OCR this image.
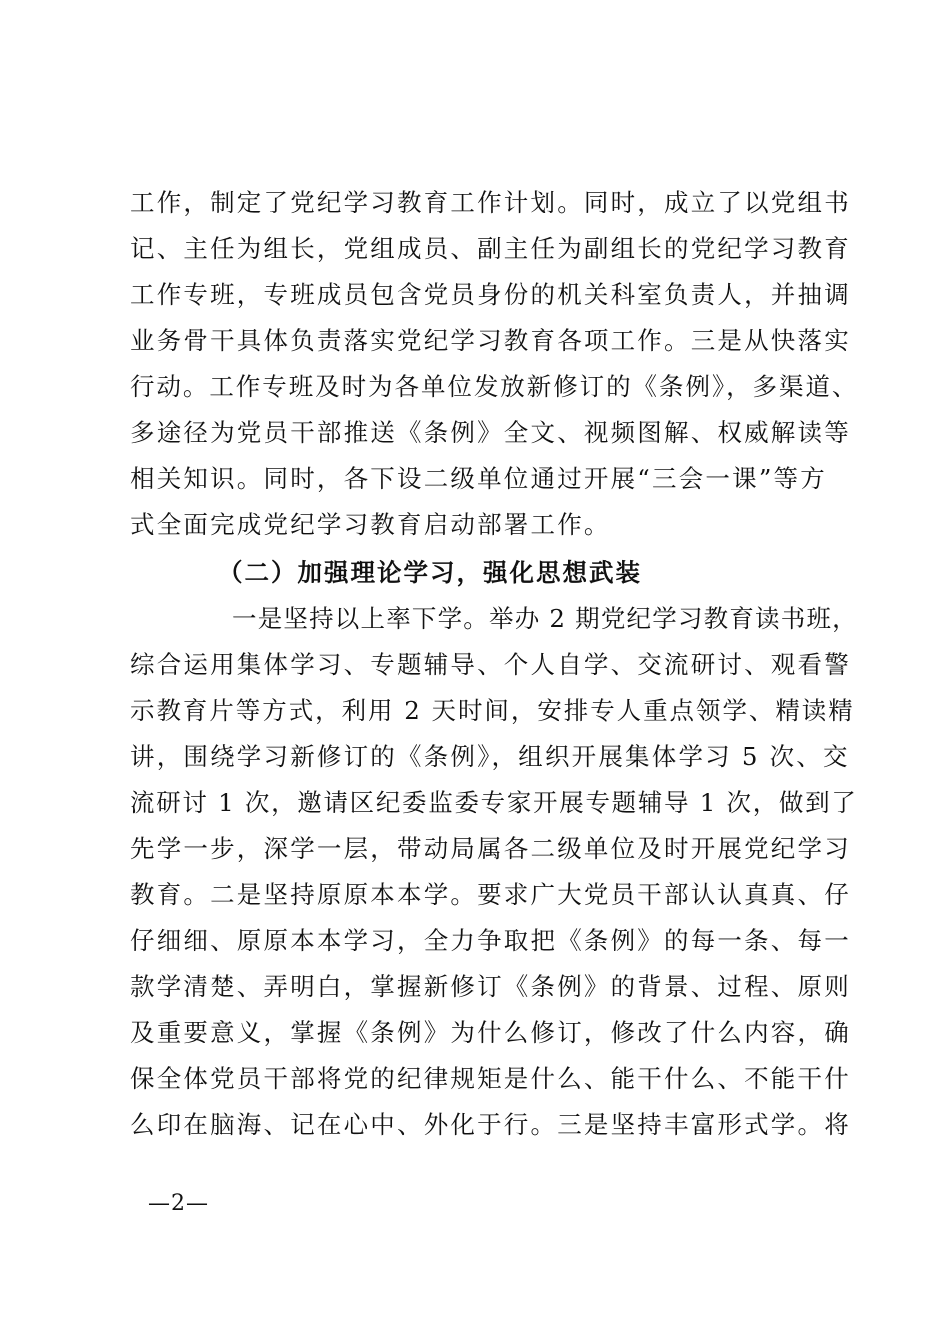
工作，制定了党纪学习教育工作计划。同时，成立了以党组书
记、主任为组长，党组成员、副主任为副组长的党纪学习教育
工作专班，专班成员包含党员身份的机关科室负责人，并抽调
业务骨干具体负责落实党纪学习教育各项工作。三是从快落实
行动。工作专班及时为各单位发放新修订的《条例》，多渠道、
多途径为党员干部推送《条例》全文、视频图解、权威解读等
相关知识。同时，各下设二级单位通过开展“三会一课”等方
式全面完成党纪学习教育启动部署工作。
（二）加强理论学习，强化思想武装
一是坚持以上率下学。举办 2 期党纪学习教育读书班，
综合运用集体学习、专题辅导、个人自学、交流研讨、观看警
示教育片等方式，利用 2 天时间，安排专人重点领学、精读精
讲，围绕学习新修订的《条例》，组织开展集体学习 5 次、交
流研讨 1 次，邀请区纪委监委专家开展专题辅导 1 次，做到了
先学一步，深学一层，带动局属各二级单位及时开展党纪学习
教育。二是坚持原原本本学。要求广大党员干部认认真真、仔
仔细细、原原本本学习，全力争取把《条例》的每一条、每一
款学清楚、弄明白，掌握新修订《条例》的背景、过程、原则
及重要意义，掌握《条例》为什么修订，修改了什么内容，确
保全体党员干部将党的纪律规矩是什么、能干什么、不能干什
么印在脑海、记在心中、外化于行。三是坚持丰富形式学。将
—2—
